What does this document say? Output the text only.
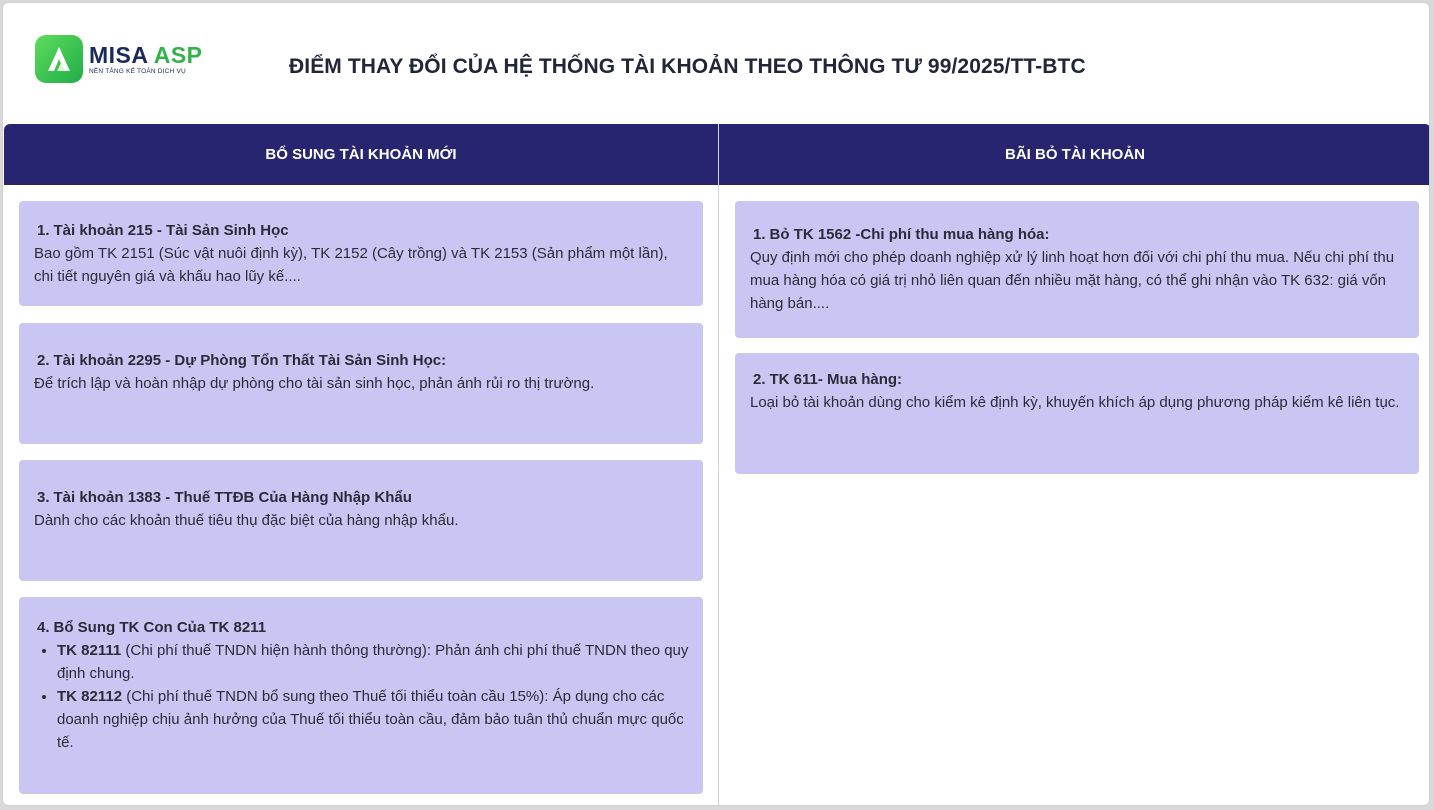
MISA ASP
NỀN TẢNG KẾ TOÁN DỊCH VỤ	ĐIỂM THAY ĐỔI CỦA HỆ THỐNG TÀI KHOẢN THEO THÔNG TƯ 99/2025/TT-BTC
BỔ SUNG TÀI KHOẢN MỚI	BÃI BỎ TÀI KHOẢN
1. Tài khoản 215 - Tài Sản Sinh Học
Bao gồm TK 2151 (Súc vật nuôi định kỳ), TK 2152 (Cây trồng) và TK 2153 (Sản phẩm một lần), chi tiết nguyên giá và khấu hao lũy kế....
2. Tài khoản 2295 - Dự Phòng Tổn Thất Tài Sản Sinh Học:
Để trích lập và hoàn nhập dự phòng cho tài sản sinh học, phản ánh rủi ro thị trường.
3. Tài khoản 1383 - Thuế TTĐB Của Hàng Nhập Khẩu
Dành cho các khoản thuế tiêu thụ đặc biệt của hàng nhập khẩu.
4. Bổ Sung TK Con Của TK 8211
• TK 82111 (Chi phí thuế TNDN hiện hành thông thường): Phản ánh chi phí thuế TNDN theo quy định chung.
• TK 82112 (Chi phí thuế TNDN bổ sung theo Thuế tối thiểu toàn cầu 15%): Áp dụng cho các doanh nghiệp chịu ảnh hưởng của Thuế tối thiểu toàn cầu, đảm bảo tuân thủ chuẩn mực quốc tế.
1. Bỏ TK 1562 -Chi phí thu mua hàng hóa:
Quy định mới cho phép doanh nghiệp xử lý linh hoạt hơn đối với chi phí thu mua. Nếu chi phí thu mua hàng hóa có giá trị nhỏ liên quan đến nhiều mặt hàng, có thể ghi nhận vào TK 632: giá vốn hàng bán....
2. TK 611- Mua hàng:
Loại bỏ tài khoản dùng cho kiểm kê định kỳ, khuyến khích áp dụng phương pháp kiểm kê liên tục.
